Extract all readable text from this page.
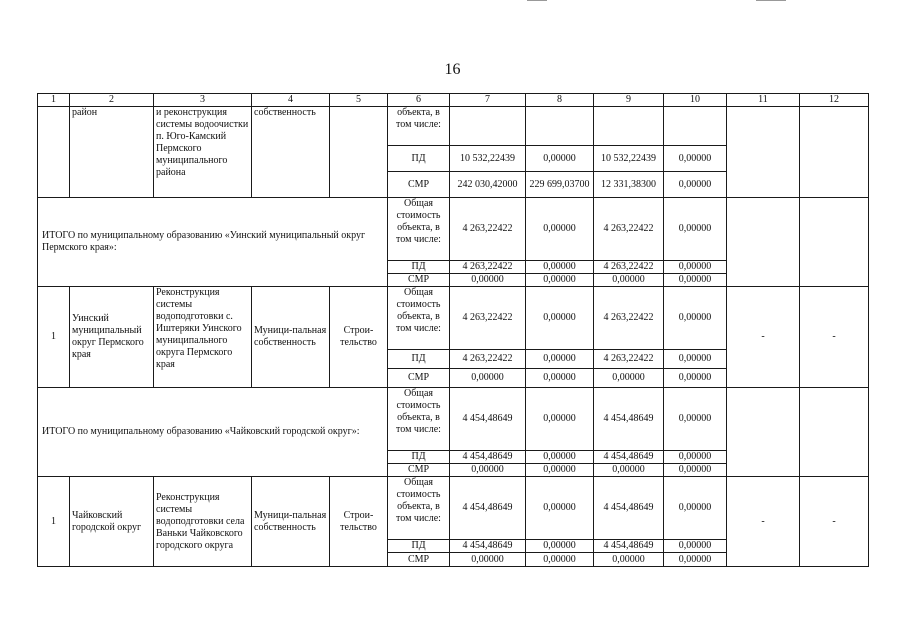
16
1	2	3	4	5	6	7	8	9	10	11	12
	район	и реконструкция системы водоочистки п. Юго-Камский Пермского муниципального района	собственность		объекта, в том числе:						
					ПД	10 532,22439	0,00000	10 532,22439	0,00000		
					СМР	242 030,42000	229 699,03700	12 331,38300	0,00000		
ИТОГО по муниципальному образованию «Уинский муниципальный округ Пермского края»:					Общая стоимость объекта, в том числе:	4 263,22422	0,00000	4 263,22422	0,00000		
					ПД	4 263,22422	0,00000	4 263,22422	0,00000		
					СМР	0,00000	0,00000	0,00000	0,00000		
1	Уинский муниципальный округ Пермского края	Реконструкция системы водоподготовки с. Иштеряки Уинского муниципального округа Пермского края	Муници-пальная собственность	Строи-тельство	Общая стоимость объекта, в том числе:	4 263,22422	0,00000	4 263,22422	0,00000	-	-
					ПД	4 263,22422	0,00000	4 263,22422	0,00000		
					СМР	0,00000	0,00000	0,00000	0,00000		
ИТОГО по муниципальному образованию «Чайковский городской округ»:					Общая стоимость объекта, в том числе:	4 454,48649	0,00000	4 454,48649	0,00000		
					ПД	4 454,48649	0,00000	4 454,48649	0,00000		
					СМР	0,00000	0,00000	0,00000	0,00000		
1	Чайковский городской округ	Реконструкция системы водоподготовки села Ваньки Чайковского городского округа	Муници-пальная собственность	Строи-тельство	Общая стоимость объекта, в том числе:	4 454,48649	0,00000	4 454,48649	0,00000	-	-
					ПД	4 454,48649	0,00000	4 454,48649	0,00000		
					СМР	0,00000	0,00000	0,00000	0,00000		
